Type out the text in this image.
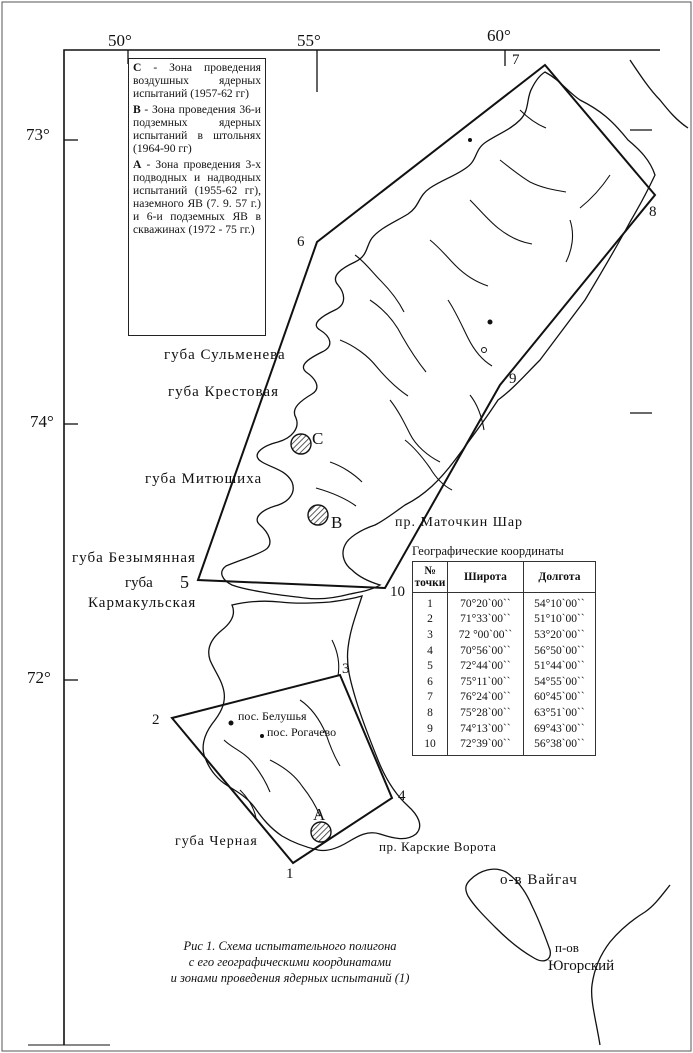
50°	55°	60°
73°
74°
72°
1
2
3
4
5
6
7
8
9
10
C
B
A
губа Сульменева
губа Крестовая
губа Митюшиха
пр. Маточкин Шар
губа Безымянная
губа
Кармакульская
пос. Белушья
пос. Рогачево
губа Черная	пр. Карские Ворота
о-в Вайгач
п-ов
Югорский

C - Зона проведения воздушных ядерных испытаний (1957-62 гг)

B - Зона проведения 36-и подземных ядерных испытаний в штольнях (1964-90 гг)

A - Зона проведения 3-х подводных и надводных испытаний (1955-62 гг), наземного ЯВ (7. 9. 57 г.) и 6-и подземных ЯВ в скважинах (1972 - 75 гг.)

Географические координаты
№ точки	Широта	Долгота
1	70°20`00``	54°10`00``
2	71°33`00``	51°10`00``
3	72 °00`00``	53°20`00``
4	70°56`00``	56°50`00``
5	72°44`00``	51°44`00``
6	75°11`00``	54°55`00``
7	76°24`00``	60°45`00``
8	75°28`00``	63°51`00``
9	74°13`00``	69°43`00``
10	72°39`00``	56°38`00``
Рис 1. Схема испытательного полигона
с его географическими координатами
и зонами проведения ядерных испытаний (1)
